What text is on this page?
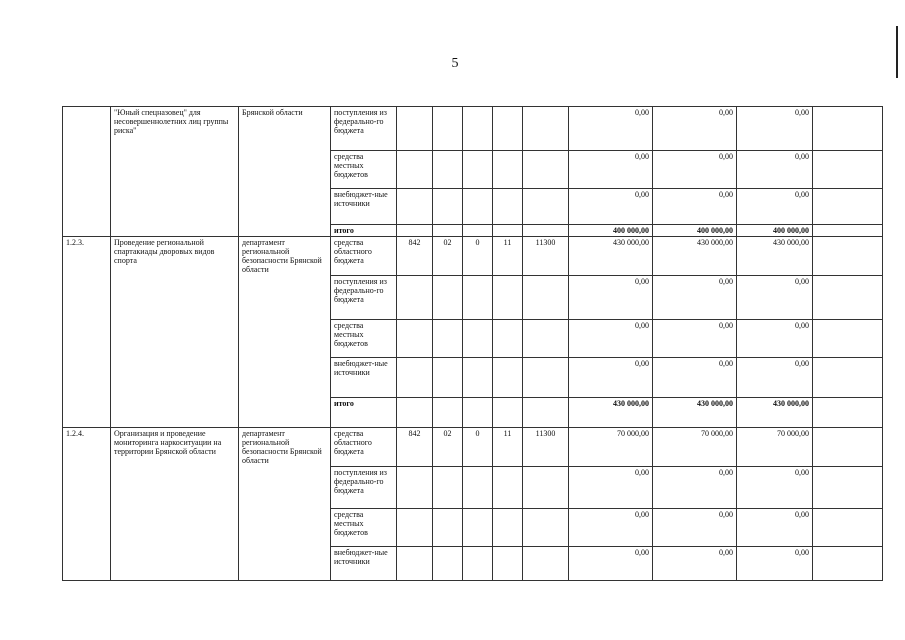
5
	"Юный спецназовец" для несовершеннолетних лиц группы риска"	Брянской области	поступления из федерально-го бюджета						0,00	0,00	0,00	
			средства местных бюджетов						0,00	0,00	0,00	
			внебюджет-ные источники						0,00	0,00	0,00	
			итого						400 000,00	400 000,00	400 000,00	
1.2.3.	Проведение региональной спартакиады дворовых видов спорта	департамент региональной безопасности Брянской области	средства областного бюджета	842	02	0	11	11300	430 000,00	430 000,00	430 000,00	
			поступления из федерально-го бюджета						0,00	0,00	0,00	
			средства местных бюджетов						0,00	0,00	0,00	
			внебюджет-ные источники						0,00	0,00	0,00	
			итого						430 000,00	430 000,00	430 000,00	
1.2.4.	Организация и проведение мониторинга наркоситуации на территории Брянской области	департамент региональной безопасности Брянской области	средства областного бюджета	842	02	0	11	11300	70 000,00	70 000,00	70 000,00	
			поступления из федерально-го бюджета						0,00	0,00	0,00	
			средства местных бюджетов						0,00	0,00	0,00	
			внебюджет-ные источники						0,00	0,00	0,00	
